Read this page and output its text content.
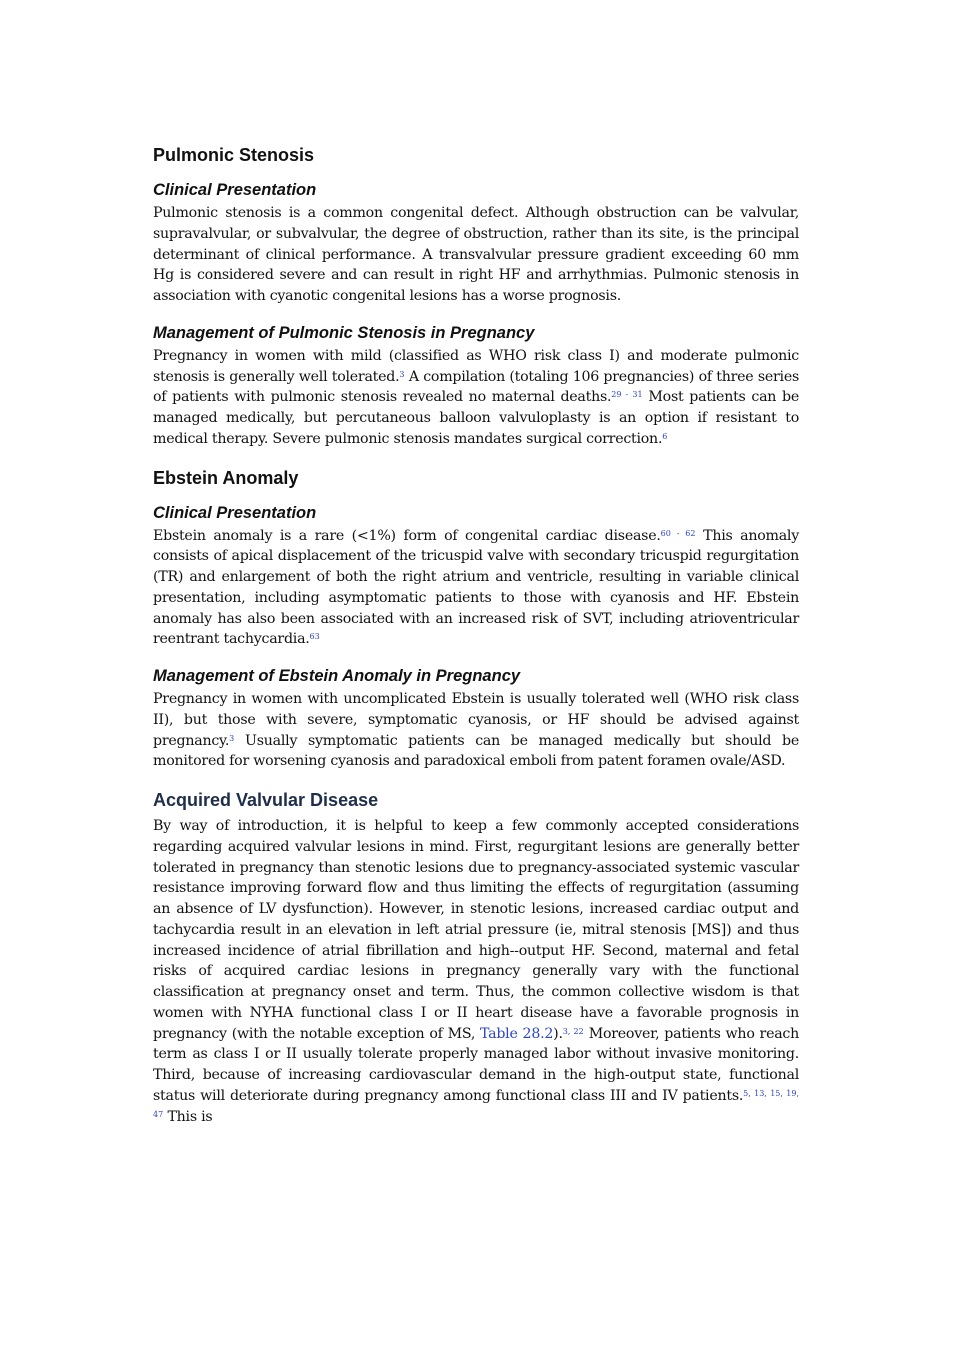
Pulmonic Stenosis
Clinical Presentation

Pulmonic stenosis is a common congenital defect. Although obstruction can be valvular, supravalvular, or subvalvular, the degree of obstruction, rather than its site, is the principal determinant of clinical performance. A transvalvular pressure gradient exceeding 60 mm Hg is considered severe and can result in right HF and arrhythmias. Pulmonic stenosis in association with cyanotic congenital lesions has a worse prognosis.

Management of Pulmonic Stenosis in Pregnancy

Pregnancy in women with mild (classified as WHO risk class I) and moderate pulmonic stenosis is generally well tolerated.$^3$ A compilation (totaling 106 pregnancies) of three series of patients with pulmonic stenosis revealed no maternal deaths.$^{29 - 31}$ Most patients can be managed medically, but percutaneous balloon valvuloplasty is an option if resistant to medical therapy. Severe pulmonic stenosis mandates surgical correction.$^6$

Ebstein Anomaly
Clinical Presentation

Ebstein anomaly is a rare (<1%) form of congenital cardiac disease.$^{60 - 62}$ This anomaly consists of apical displacement of the tricuspid valve with secondary tricuspid regurgitation (TR) and enlargement of both the right atrium and ventricle, resulting in variable clinical presentation, including asymptomatic patients to those with cyanosis and HF. Ebstein anomaly has also been associated with an increased risk of SVT, including atrioventricular reentrant tachycardia.$^{63}$

Management of Ebstein Anomaly in Pregnancy

Pregnancy in women with uncomplicated Ebstein is usually tolerated well (WHO risk class II), but those with severe, symptomatic cyanosis, or HF should be advised against pregnancy.$^3$ Usually symptomatic patients can be managed medically but should be monitored for worsening cyanosis and paradoxical emboli from patent foramen ovale/ASD.

Acquired Valvular Disease

By way of introduction, it is helpful to keep a few commonly accepted considerations regarding acquired valvular lesions in mind. First, regurgitant lesions are generally better tolerated in pregnancy than stenotic lesions due to pregnancy-associated systemic vascular resistance improving forward flow and thus limiting the effects of regurgitation (assuming an absence of LV dysfunction). However, in stenotic lesions, increased cardiac output and tachycardia result in an elevation in left atrial pressure (ie, mitral stenosis [MS]) and thus increased incidence of atrial fibrillation and high--output HF. Second, maternal and fetal risks of acquired cardiac lesions in pregnancy generally vary with the functional classification at pregnancy onset and term. Thus, the common collective wisdom is that women with NYHA functional class I or II heart disease have a favorable prognosis in pregnancy (with the notable exception of MS, Table 28.2).$^{3, 22}$ Moreover, patients who reach term as class I or II usually tolerate properly managed labor without invasive monitoring. Third, because of increasing cardiovascular demand in the high-output state, functional status will deteriorate during pregnancy among functional class III and IV patients.$^{5, 13, 15, 19, 47}$ This is
